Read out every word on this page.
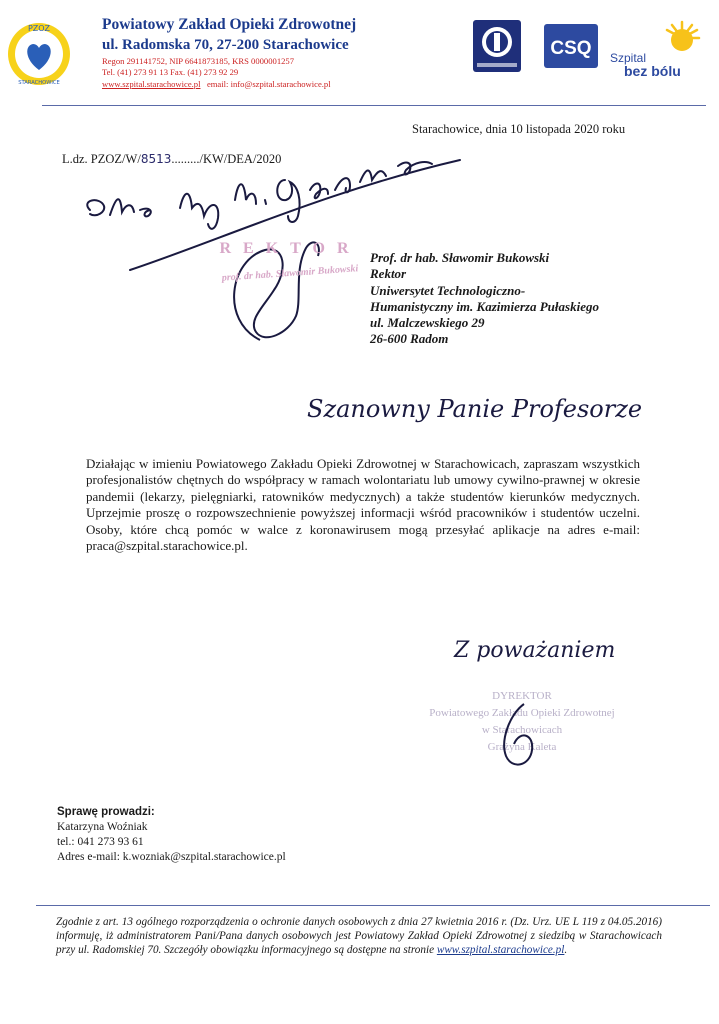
PZOZ
STARACHOWICE
Powiatowy Zakład Opieki Zdrowotnej
ul. Radomska 70, 27-200 Starachowice
Regon 291141752, NIP 6641873185, KRS 0000001257
Tel. (41) 273 91 13 Fax. (41) 273 92 29
www.szpital.starachowice.pl email: info@szpital.starachowice.pl
CSQ Szpital
bez bólu
Starachowice, dnia 10 listopada 2020 roku
L.dz. PZOZ/W/8513........./KW/DEA/2020
REKTOR
prof. dr hab. Sławomir Bukowski
Prof. dr hab. Sławomir Bukowski
Rektor
Uniwersytet Technologiczno-
Humanistyczny im. Kazimierza Pułaskiego
ul. Malczewskiego 29
26-600 Radom
Szanowny Panie Profesorze
Działając w imieniu Powiatowego Zakładu Opieki Zdrowotnej w Starachowicach, zapraszam wszystkich profesjonalistów chętnych do współpracy w ramach wolontariatu lub umowy cywilno-prawnej w okresie pandemii (lekarzy, pielęgniarki, ratowników medycznych) a także studentów kierunków medycznych. Uprzejmie proszę o rozpowszechnienie powyższej informacji wśród pracowników i studentów uczelni. Osoby, które chcą pomóc w walce z koronawirusem mogą przesyłać aplikacje na adres e-mail: praca@szpital.starachowice.pl.
Z poważaniem
DYREKTOR
Powiatowego Zakładu Opieki Zdrowotnej
w Starachowicach
Grażyna Kaleta
Sprawę prowadzi:
Katarzyna Woźniak
tel.: 041 273 93 61
Adres e-mail: k.wozniak@szpital.starachowice.pl
Zgodnie z art. 13 ogólnego rozporządzenia o ochronie danych osobowych z dnia 27 kwietnia 2016 r. (Dz. Urz. UE L 119 z 04.05.2016) informuję, iż administratorem Pani/Pana danych osobowych jest Powiatowy Zakład Opieki Zdrowotnej z siedzibą w Starachowicach przy ul. Radomskiej 70. Szczegóły obowiązku informacyjnego są dostępne na stronie www.szpital.starachowice.pl.
